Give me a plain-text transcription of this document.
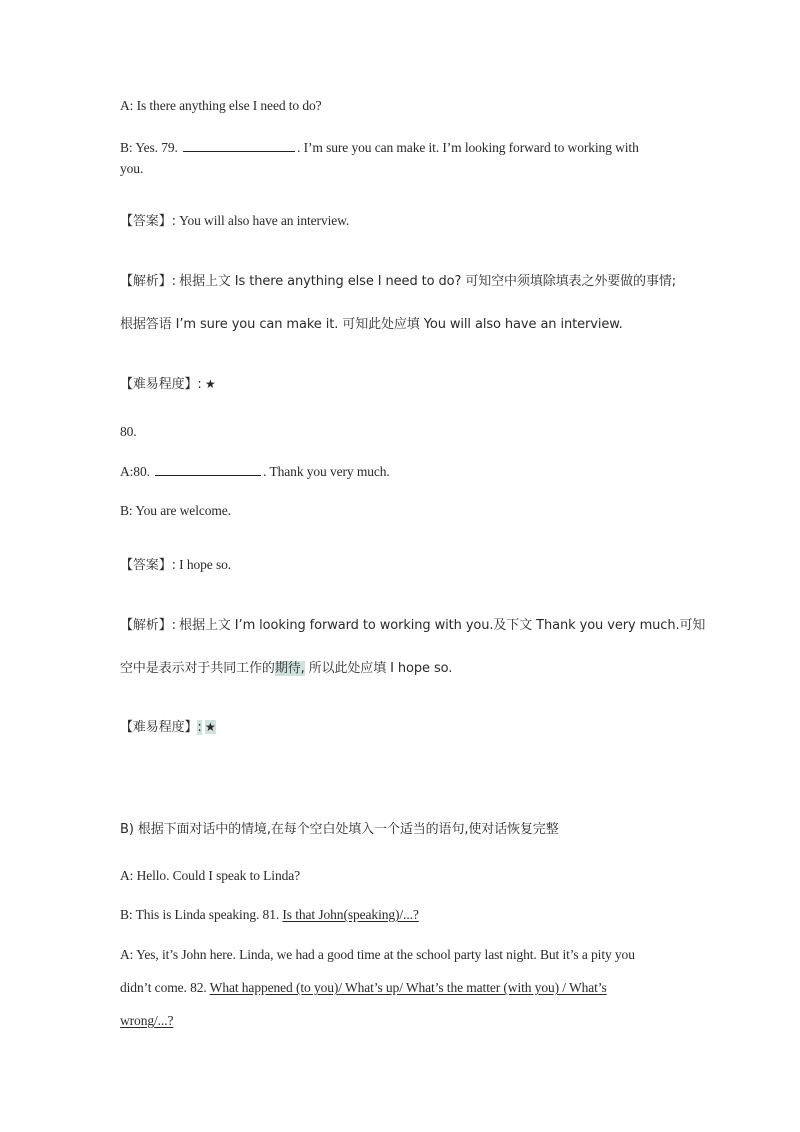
A: Is there anything else I need to do?
B: Yes. 79.	. I’m sure you can make it. I’m looking forward to working with
you.
【答案】: You will also have an interview.
【解析】: 根据上文 Is there anything else I need to do? 可知空中须填除填表之外要做的事情;
根据答语 I’m sure you can make it. 可知此处应填 You will also have an interview.
【难易程度】: ★
80.
A:80.	. Thank you very much.
B: You are welcome.
【答案】: I hope so.
【解析】: 根据上文 I’m looking forward to working with you.及下文 Thank you very much.可知
空中是表示对于共同工作的期待, 所以此处应填 I hope so.
【难易程度】: ★
B) 根据下面对话中的情境,在每个空白处填入一个适当的语句,使对话恢复完整
A: Hello. Could I speak to Linda?
B: This is Linda speaking. 81. Is that John(speaking)/...?
A: Yes, it’s John here. Linda, we had a good time at the school party last night. But it’s a pity you
didn’t come. 82. What happened (to you)/ What’s up/ What’s the matter (with you) / What’s
wrong/...?
